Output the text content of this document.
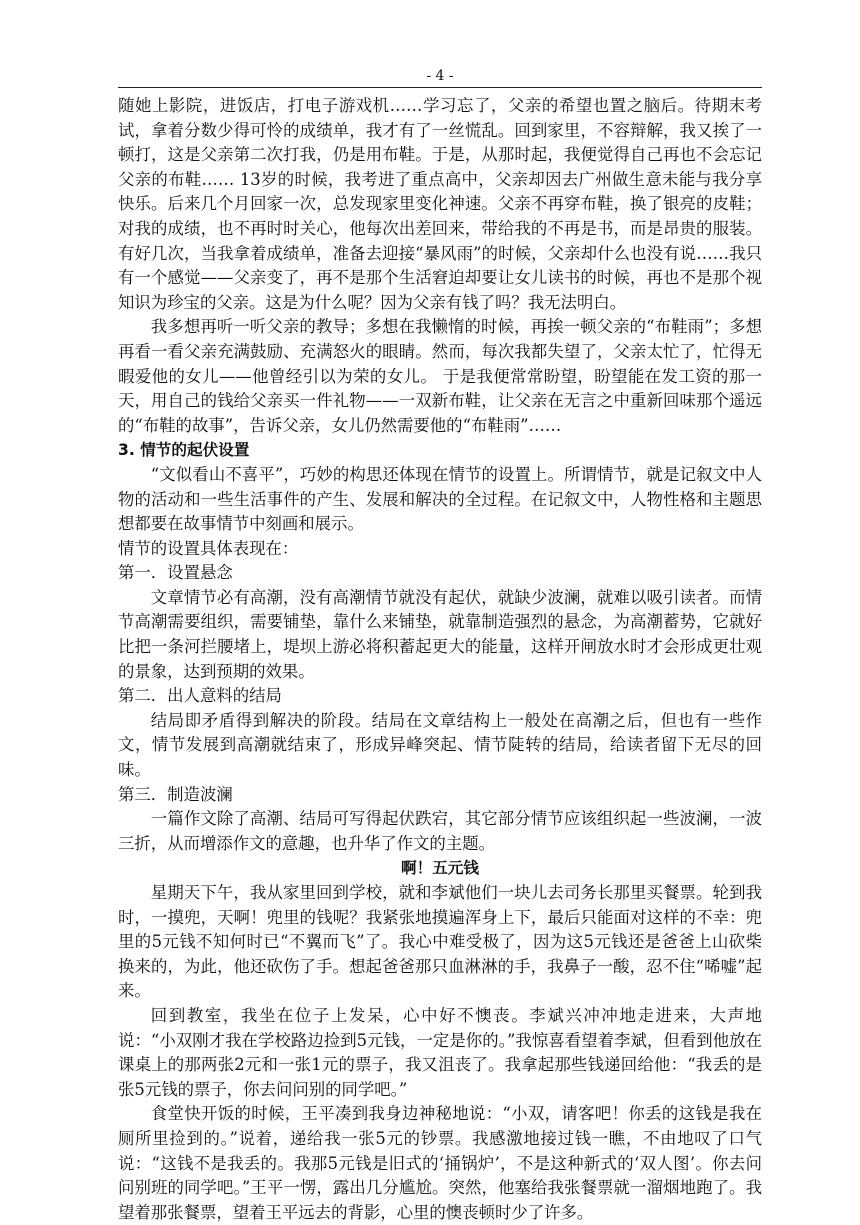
- 4 -

随她上影院，进饭店，打电子游戏机……学习忘了，父亲的希望也置之脑后。待期末考试，拿着分数少得可怜的成绩单，我才有了一丝慌乱。回到家里，不容辩解，我又挨了一顿打，这是父亲第二次打我，仍是用布鞋。于是，从那时起，我便觉得自己再也不会忘记父亲的布鞋…… 13岁的时候，我考进了重点高中，父亲却因去广州做生意未能与我分享快乐。后来几个月回家一次，总发现家里变化神速。父亲不再穿布鞋，换了银亮的皮鞋；对我的成绩，也不再时时关心，他每次出差回来，带给我的不再是书，而是昂贵的服装。有好几次，当我拿着成绩单，准备去迎接“暴风雨”的时候，父亲却什么也没有说……我只有一个感觉——父亲变了，再不是那个生活窘迫却要让女儿读书的时候，再也不是那个视知识为珍宝的父亲。这是为什么呢？因为父亲有钱了吗？我无法明白。

我多想再听一听父亲的教导；多想在我懒惰的时候，再挨一顿父亲的“布鞋雨”；多想再看一看父亲充满鼓励、充满怒火的眼睛。然而，每次我都失望了，父亲太忙了，忙得无暇爱他的女儿——他曾经引以为荣的女儿。 于是我便常常盼望，盼望能在发工资的那一天，用自己的钱给父亲买一件礼物——一双新布鞋，让父亲在无言之中重新回味那个遥远的“布鞋的故事”，告诉父亲，女儿仍然需要他的“布鞋雨”……

3. 情节的起伏设置

“文似看山不喜平”，巧妙的构思还体现在情节的设置上。所谓情节，就是记叙文中人物的活动和一些生活事件的产生、发展和解决的全过程。在记叙文中，人物性格和主题思想都要在故事情节中刻画和展示。

情节的设置具体表现在：

第一．设置悬念

文章情节必有高潮，没有高潮情节就没有起伏，就缺少波澜，就难以吸引读者。而情节高潮需要组织，需要铺垫，靠什么来铺垫，就靠制造强烈的悬念，为高潮蓄势，它就好比把一条河拦腰堵上，堤坝上游必将积蓄起更大的能量，这样开闸放水时才会形成更壮观的景象，达到预期的效果。

第二．出人意料的结局

结局即矛盾得到解决的阶段。结局在文章结构上一般处在高潮之后，但也有一些作文，情节发展到高潮就结束了，形成异峰突起、情节陡转的结局，给读者留下无尽的回味。

第三．制造波澜

一篇作文除了高潮、结局可写得起伏跌宕，其它部分情节应该组织起一些波澜，一波三折，从而增添作文的意趣，也升华了作文的主题。

啊！五元钱

星期天下午，我从家里回到学校，就和李斌他们一块儿去司务长那里买餐票。轮到我时，一摸兜，天啊！兜里的钱呢？我紧张地摸遍浑身上下，最后只能面对这样的不幸：兜里的5元钱不知何时已“不翼而飞”了。我心中难受极了，因为这5元钱还是爸爸上山砍柴换来的，为此，他还砍伤了手。想起爸爸那只血淋淋的手，我鼻子一酸，忍不住“唏嘘”起来。

回到教室，我坐在位子上发呆，心中好不懊丧。李斌兴冲冲地走进来，大声地说：“小双刚才我在学校路边捡到5元钱，一定是你的。”我惊喜看望着李斌，但看到他放在课桌上的那两张2元和一张1元的票子，我又沮丧了。我拿起那些钱递回给他：“我丢的是张5元钱的票子，你去问问别的同学吧。”

食堂快开饭的时候，王平凑到我身边神秘地说：“小双，请客吧！你丢的这钱是我在厕所里捡到的。”说着，递给我一张5元的钞票。我感激地接过钱一瞧，不由地叹了口气说：“这钱不是我丢的。我那5元钱是旧式的‘捅锅炉’，不是这种新式的‘双人图’。你去问问别班的同学吧。”王平一愣，露出几分尴尬。突然，他塞给我张餐票就一溜烟地跑了。我望着那张餐票，望着王平远去的背影，心里的懊丧顿时少了许多。
